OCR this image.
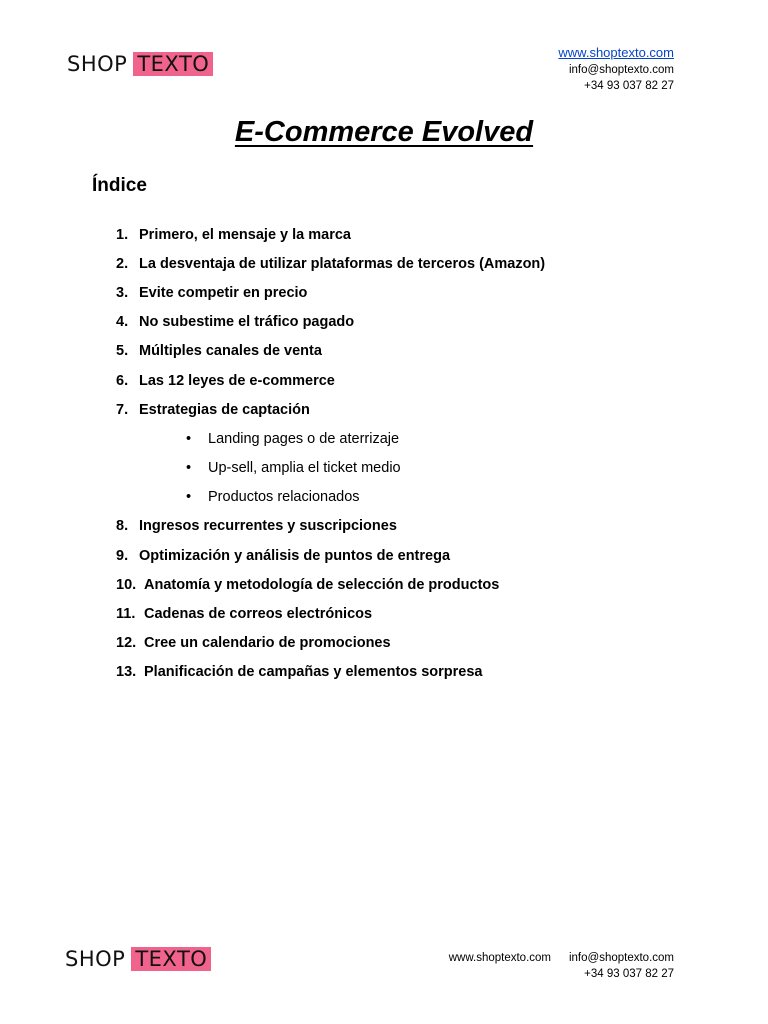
SHOP TEXTO	www.shoptexto.com
info@shoptexto.com
+34 93 037 82 27
E-Commerce Evolved
Índice
1. Primero, el mensaje y la marca
2. La desventaja de utilizar plataformas de terceros (Amazon)
3. Evite competir en precio
4. No subestime el tráfico pagado
5. Múltiples canales de venta
6. Las 12 leyes de e-commerce
7. Estrategias de captación
•	Landing pages o de aterrizaje
•	Up-sell, amplia el ticket medio
•	Productos relacionados
8. Ingresos recurrentes y suscripciones
9. Optimización y análisis de puntos de entrega
10. Anatomía y metodología de selección de productos
11. Cadenas de correos electrónicos
12. Cree un calendario de promociones
13. Planificación de campañas y elementos sorpresa
SHOP TEXTO	www.shoptexto.com info@shoptexto.com
+34 93 037 82 27
